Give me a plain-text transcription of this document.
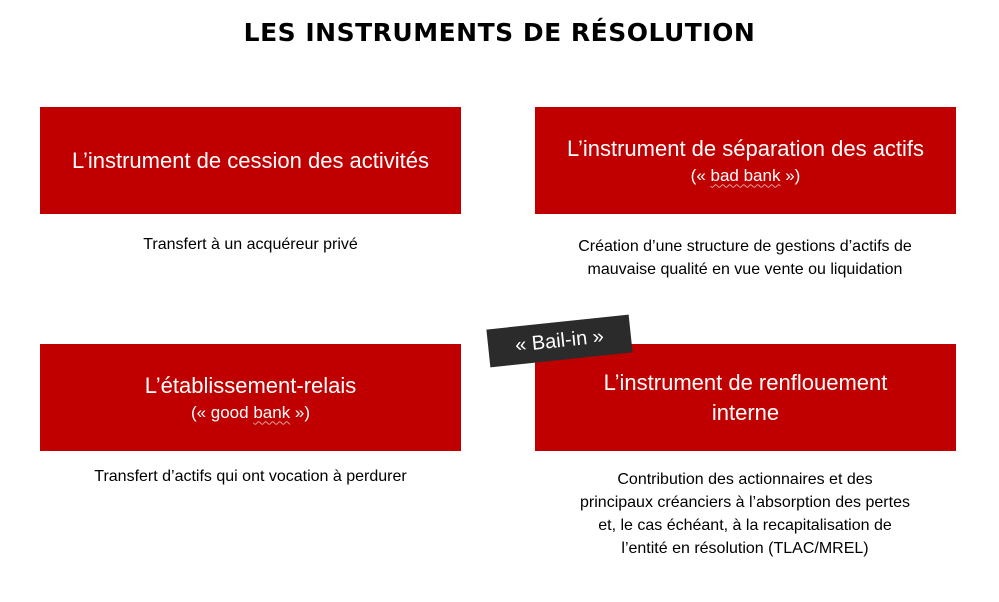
LES INSTRUMENTS DE RÉSOLUTION
L’instrument de cession des activités
Transfert à un acquéreur privé
L’instrument de séparation des actifs
(« bad bank »)
Création d’une structure de gestions d’actifs de
mauvaise qualité en vue vente ou liquidation
L’établissement-relais
(« good bank »)
Transfert d’actifs qui ont vocation à perdurer
L’instrument de renflouement
interne
Contribution des actionnaires et des
principaux créanciers à l’absorption des pertes
et, le cas échéant, à la recapitalisation de
l’entité en résolution (TLAC/MREL)
« Bail-in »
